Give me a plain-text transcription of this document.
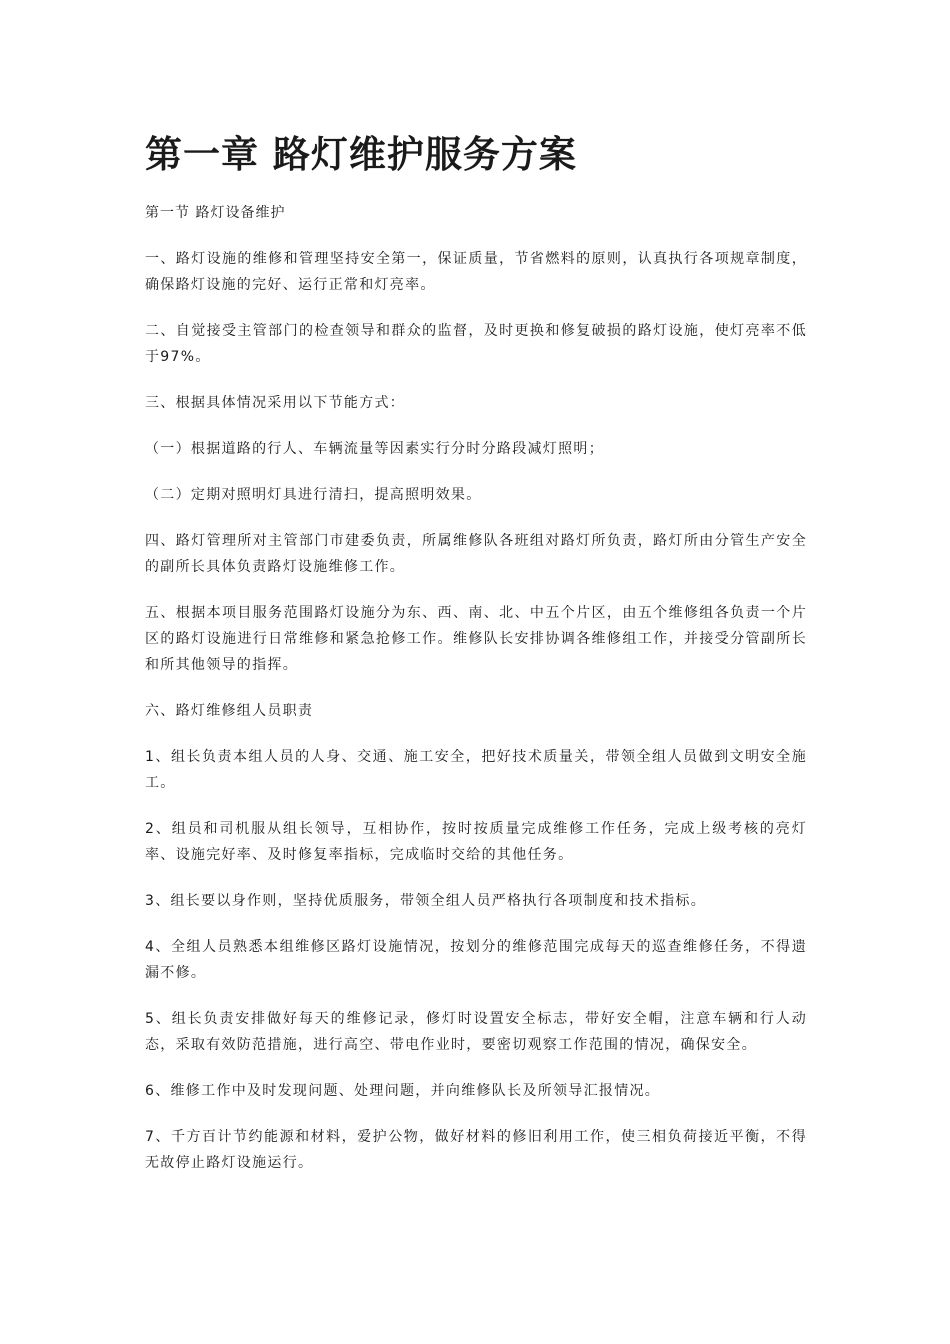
第一章 路灯维护服务方案
第一节 路灯设备维护
一、路灯设施的维修和管理坚持安全第一，保证质量，节省燃料的原则，认真执行各项规章制度，确保路灯设施的完好、运行正常和灯亮率。
二、自觉接受主管部门的检查领导和群众的监督，及时更换和修复破损的路灯设施，使灯亮率不低于97%。
三、根据具体情况采用以下节能方式：
（一）根据道路的行人、车辆流量等因素实行分时分路段减灯照明；
（二）定期对照明灯具进行清扫，提高照明效果。
四、路灯管理所对主管部门市建委负责，所属维修队各班组对路灯所负责，路灯所由分管生产安全的副所长具体负责路灯设施维修工作。
五、根据本项目服务范围路灯设施分为东、西、南、北、中五个片区，由五个维修组各负责一个片区的路灯设施进行日常维修和紧急抢修工作。维修队长安排协调各维修组工作，并接受分管副所长和所其他领导的指挥。
六、路灯维修组人员职责
1、组长负责本组人员的人身、交通、施工安全，把好技术质量关，带领全组人员做到文明安全施工。
2、组员和司机服从组长领导，互相协作，按时按质量完成维修工作任务，完成上级考核的亮灯率、设施完好率、及时修复率指标，完成临时交给的其他任务。
3、组长要以身作则，坚持优质服务，带领全组人员严格执行各项制度和技术指标。
4、全组人员熟悉本组维修区路灯设施情况，按划分的维修范围完成每天的巡查维修任务，不得遗漏不修。
5、组长负责安排做好每天的维修记录，修灯时设置安全标志，带好安全帽，注意车辆和行人动态，采取有效防范措施，进行高空、带电作业时，要密切观察工作范围的情况，确保安全。
6、维修工作中及时发现问题、处理问题，并向维修队长及所领导汇报情况。
7、千方百计节约能源和材料，爱护公物，做好材料的修旧利用工作，使三相负荷接近平衡，不得无故停止路灯设施运行。
